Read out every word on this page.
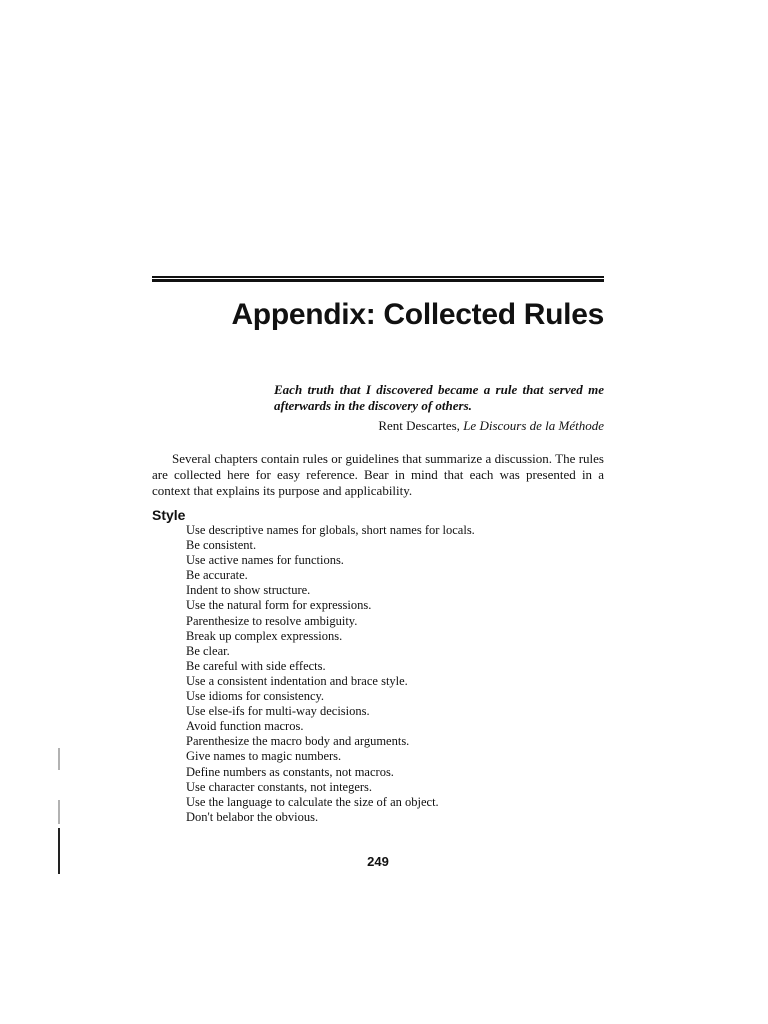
Appendix: Collected Rules
Each truth that I discovered became a rule that served me afterwards in the discovery of others.
Rent Descartes, Le Discours de la Méthode

Several chapters contain rules or guidelines that summarize a discussion. The rules are collected here for easy reference. Bear in mind that each was presented in a context that explains its purpose and applicability.

Style
Use descriptive names for globals, short names for locals.
Be consistent.
Use active names for functions.
Be accurate.
Indent to show structure.
Use the natural form for expressions.
Parenthesize to resolve ambiguity.
Break up complex expressions.
Be clear.
Be careful with side effects.
Use a consistent indentation and brace style.
Use idioms for consistency.
Use else-ifs for multi-way decisions.
Avoid function macros.
Parenthesize the macro body and arguments.
Give names to magic numbers.
Define numbers as constants, not macros.
Use character constants, not integers.
Use the language to calculate the size of an object.
Don't belabor the obvious.
249
